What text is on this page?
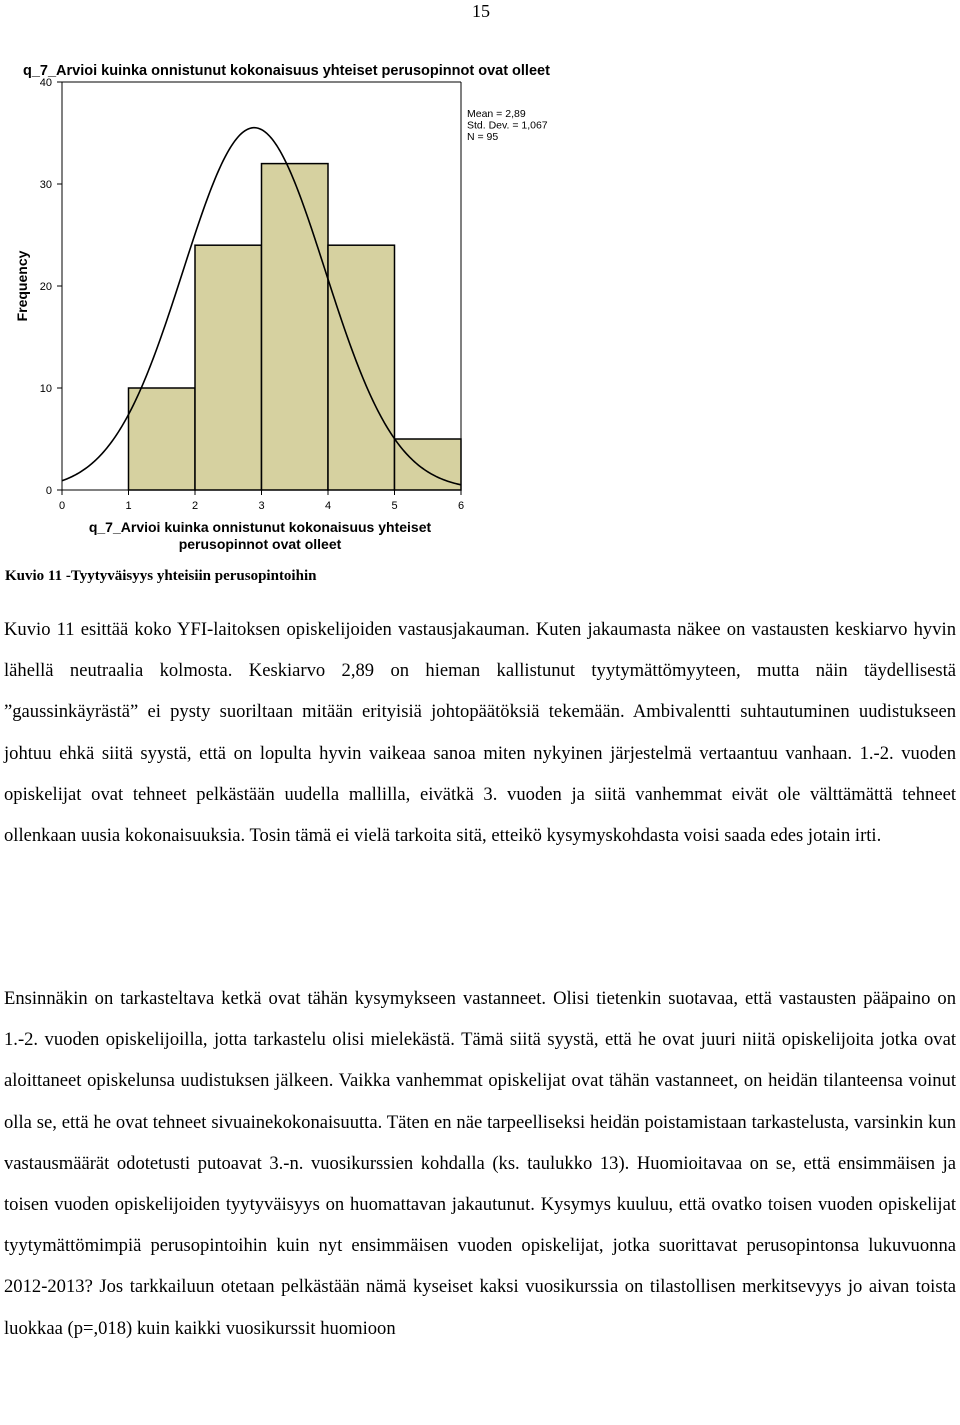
15
q_7_Arvioi kuinka onnistunut kokonaisuus yhteiset perusopinnot ovat olleet
0
10
20
30
40
0	1	2	3	4	5	6
Frequency
q_7_Arvioi kuinka onnistunut kokonaisuus yhteiset
perusopinnot ovat olleet
Mean = 2,89
Std. Dev. = 1,067
N = 95
Kuvio 11 -Tyytyväisyys yhteisiin perusopintoihin

Kuvio 11 esittää koko YFI-laitoksen opiskelijoiden vastausjakauman. Kuten jakaumasta näkee on vastausten keskiarvo hyvin lähellä neutraalia kolmosta. Keskiarvo 2,89 on hieman kallistunut tyytymättömyyteen, mutta näin täydellisestä ”gaussinkäyrästä” ei pysty suoriltaan mitään erityisiä johtopäätöksiä tekemään. Ambivalentti suhtautuminen uudistukseen johtuu ehkä siitä syystä, että on lopulta hyvin vaikeaa sanoa miten nykyinen järjestelmä vertaantuu vanhaan. 1.-2. vuoden opiskelijat ovat tehneet pelkästään uudella mallilla, eivätkä 3. vuoden ja siitä vanhemmat eivät ole välttämättä tehneet ollenkaan uusia kokonaisuuksia. Tosin tämä ei vielä tarkoita sitä, etteikö kysymyskohdasta voisi saada edes jotain irti.

Ensinnäkin on tarkasteltava ketkä ovat tähän kysymykseen vastanneet. Olisi tietenkin suotavaa, että vastausten pääpaino on 1.-2. vuoden opiskelijoilla, jotta tarkastelu olisi mielekästä. Tämä siitä syystä, että he ovat juuri niitä opiskelijoita jotka ovat aloittaneet opiskelunsa uudistuksen jälkeen. Vaikka vanhemmat opiskelijat ovat tähän vastanneet, on heidän tilanteensa voinut olla se, että he ovat tehneet sivuainekokonaisuutta. Täten en näe tarpeelliseksi heidän poistamistaan tarkastelusta, varsinkin kun vastausmäärät odotetusti putoavat 3.-n. vuosikurssien kohdalla (ks. taulukko 13). Huomioitavaa on se, että ensimmäisen ja toisen vuoden opiskelijoiden tyytyväisyys on huomattavan jakautunut. Kysymys kuuluu, että ovatko toisen vuoden opiskelijat tyytymättömimpiä perusopintoihin kuin nyt ensimmäisen vuoden opiskelijat, jotka suorittavat perusopintonsa lukuvuonna 2012-2013? Jos tarkkailuun otetaan pelkästään nämä kyseiset kaksi vuosikurssia on tilastollisen merkitsevyys jo aivan toista luokkaa (p=,018) kuin kaikki vuosikurssit huomioon
